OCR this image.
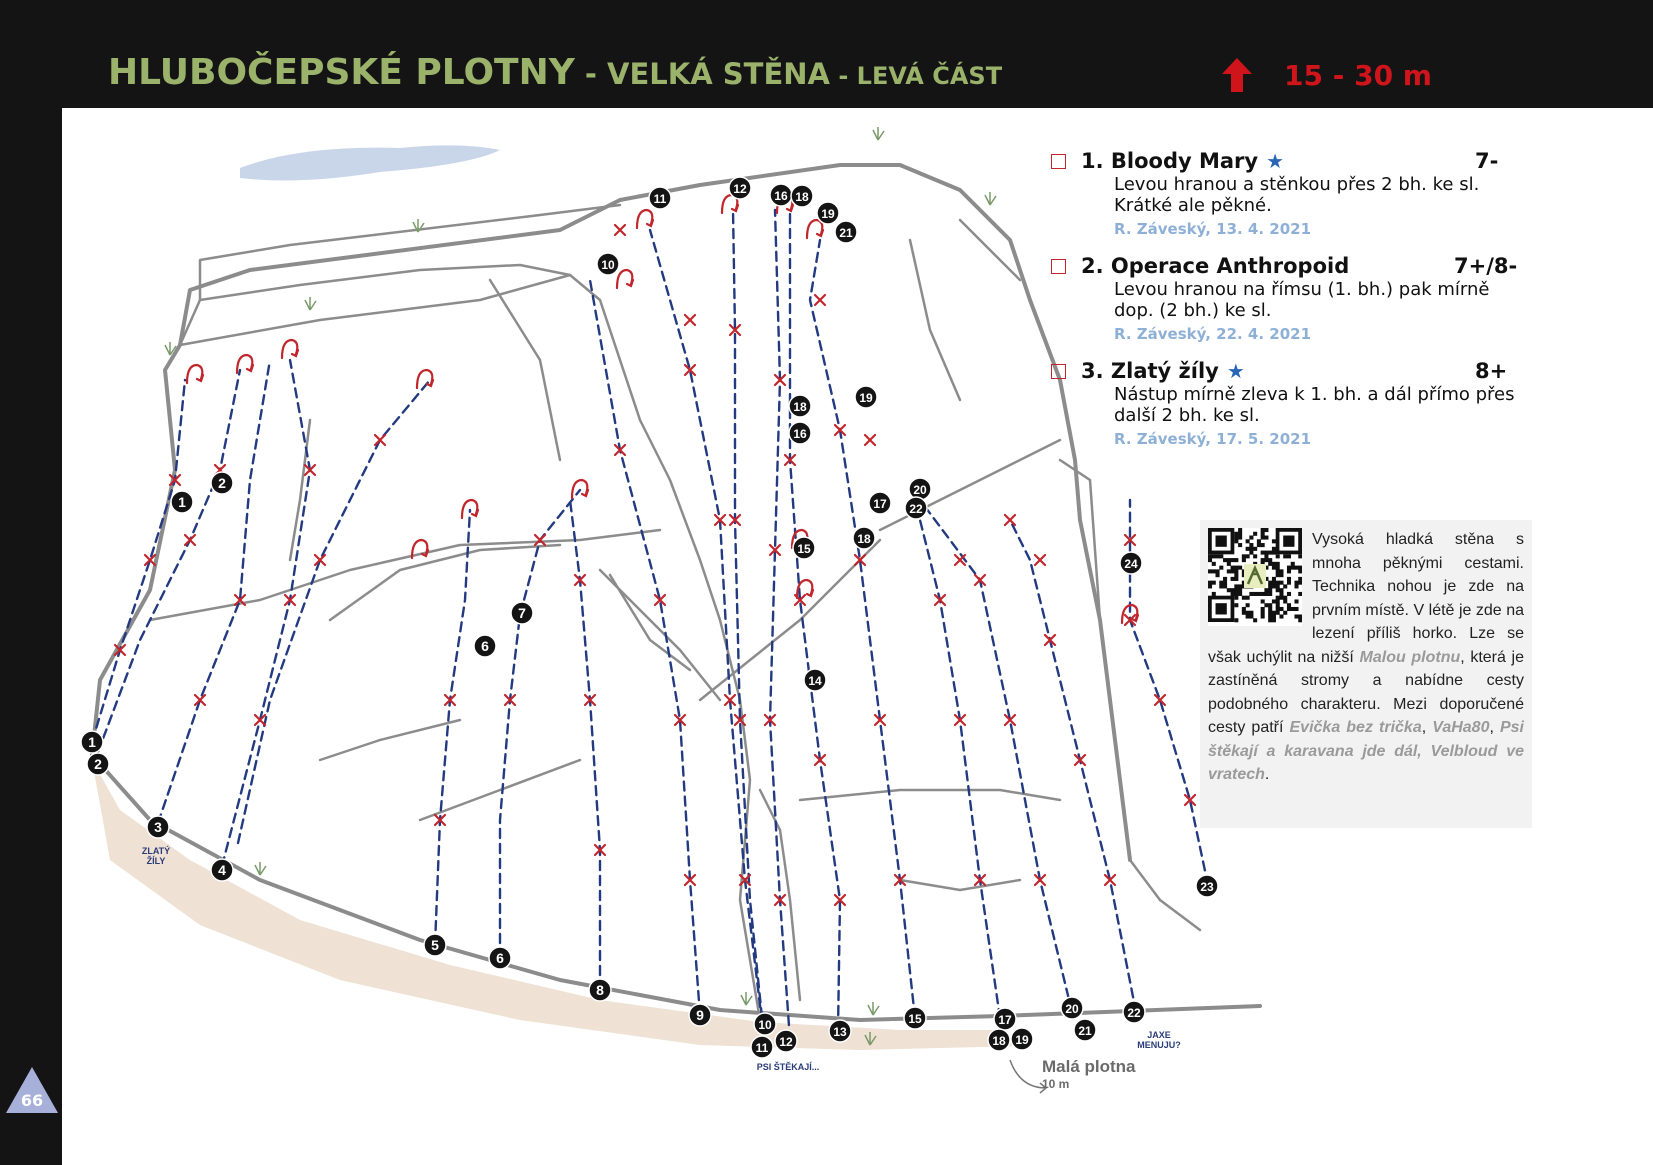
HLUBOČEPSKÉ PLOTNY - VELKÁ STĚNA - LEVÁ ČÁST	15 - 30 m
66
1
2
3
4
5
6
8
9
10
11 12
13
15	17
18 19
20
21
22
23
1
2
7
6
10
11
12 16 18
19
21
18
16
19
17
20
22
18
15
24
14
ZLATÝ ŽÍLY
PSI ŠTĚKAJÍ...
JAXE MENUJU?
Malá plotna
10 m
1. Bloody Mary ★	7-
Levou hranou a stěnkou přes 2 bh. ke sl. Krátké ale pěkné.
R. Záveský, 13. 4. 2021
2. Operace Anthropoid	7+/8-
Levou hranou na římsu (1. bh.) pak mírně dop. (2 bh.) ke sl.
R. Záveský, 22. 4. 2021
3. Zlatý žíly ★	8+
Nástup mírně zleva k 1. bh. a dál přímo přes další 2 bh. ke sl.
R. Záveský, 17. 5. 2021
Vysoká hladká stěna s mnoha pěknými cestami. Technika nohou je zde na prvním místě. V létě je zde na lezení příliš horko. Lze se však uchýlit na nižší Malou plotnu, která je zastíněná stromy a nabídne cesty podobného charakteru. Mezi doporučené cesty patří Evička bez trička, VaHa80, Psi štěkají a karavana jde dál, Velbloud ve vratech.
